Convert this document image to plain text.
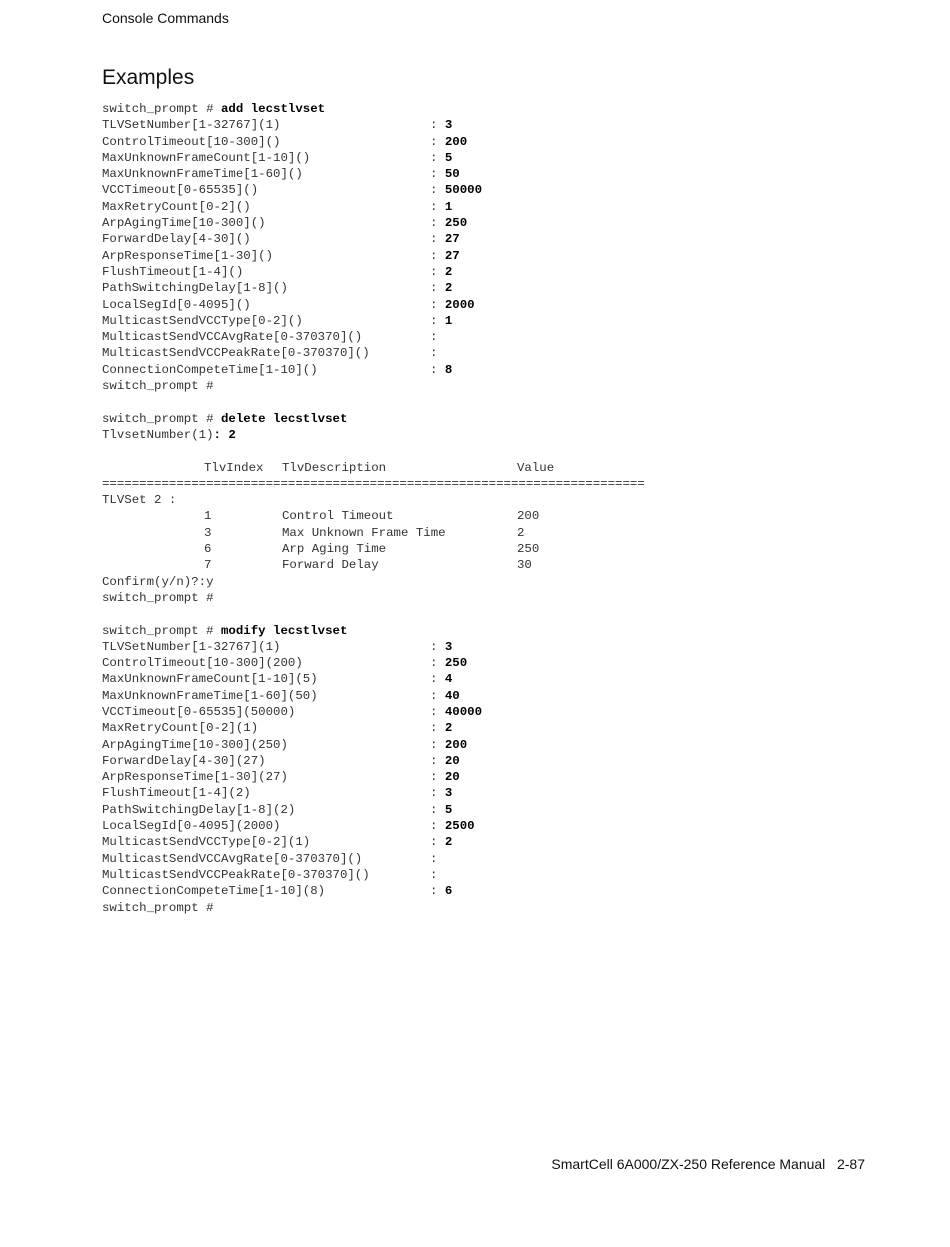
Console Commands
Examples
switch_prompt # add lecstlvset
TLVSetNumber[1-32767](1)	: 3
ControlTimeout[10-300]()	: 200
MaxUnknownFrameCount[1-10]()	: 5
MaxUnknownFrameTime[1-60]()	: 50
VCCTimeout[0-65535]()	: 50000
MaxRetryCount[0-2]()	: 1
ArpAgingTime[10-300]()	: 250
ForwardDelay[4-30]()	: 27
ArpResponseTime[1-30]()	: 27
FlushTimeout[1-4]()	: 2
PathSwitchingDelay[1-8]()	: 2
LocalSegId[0-4095]()	: 2000
MulticastSendVCCType[0-2]()	: 1
MulticastSendVCCAvgRate[0-370370]()	:
MulticastSendVCCPeakRate[0-370370]()	:
ConnectionCompeteTime[1-10]()	: 8
switch_prompt #
switch_prompt # delete lecstlvset
TlvsetNumber(1): 2
TlvIndex TlvDescription	Value
=========================================================================
TLVSet 2 :
1	Control Timeout	200
3	Max Unknown Frame Time	2
6	Arp Aging Time	250
7	Forward Delay	30
Confirm(y/n)?:y
switch_prompt #
switch_prompt # modify lecstlvset
TLVSetNumber[1-32767](1)	: 3
ControlTimeout[10-300](200)	: 250
MaxUnknownFrameCount[1-10](5)	: 4
MaxUnknownFrameTime[1-60](50)	: 40
VCCTimeout[0-65535](50000)	: 40000
MaxRetryCount[0-2](1)	: 2
ArpAgingTime[10-300](250)	: 200
ForwardDelay[4-30](27)	: 20
ArpResponseTime[1-30](27)	: 20
FlushTimeout[1-4](2)	: 3
PathSwitchingDelay[1-8](2)	: 5
LocalSegId[0-4095](2000)	: 2500
MulticastSendVCCType[0-2](1)	: 2
MulticastSendVCCAvgRate[0-370370]()	:
MulticastSendVCCPeakRate[0-370370]()	:
ConnectionCompeteTime[1-10](8)	: 6
switch_prompt #
SmartCell 6A000/ZX-250 Reference Manual 2-87
